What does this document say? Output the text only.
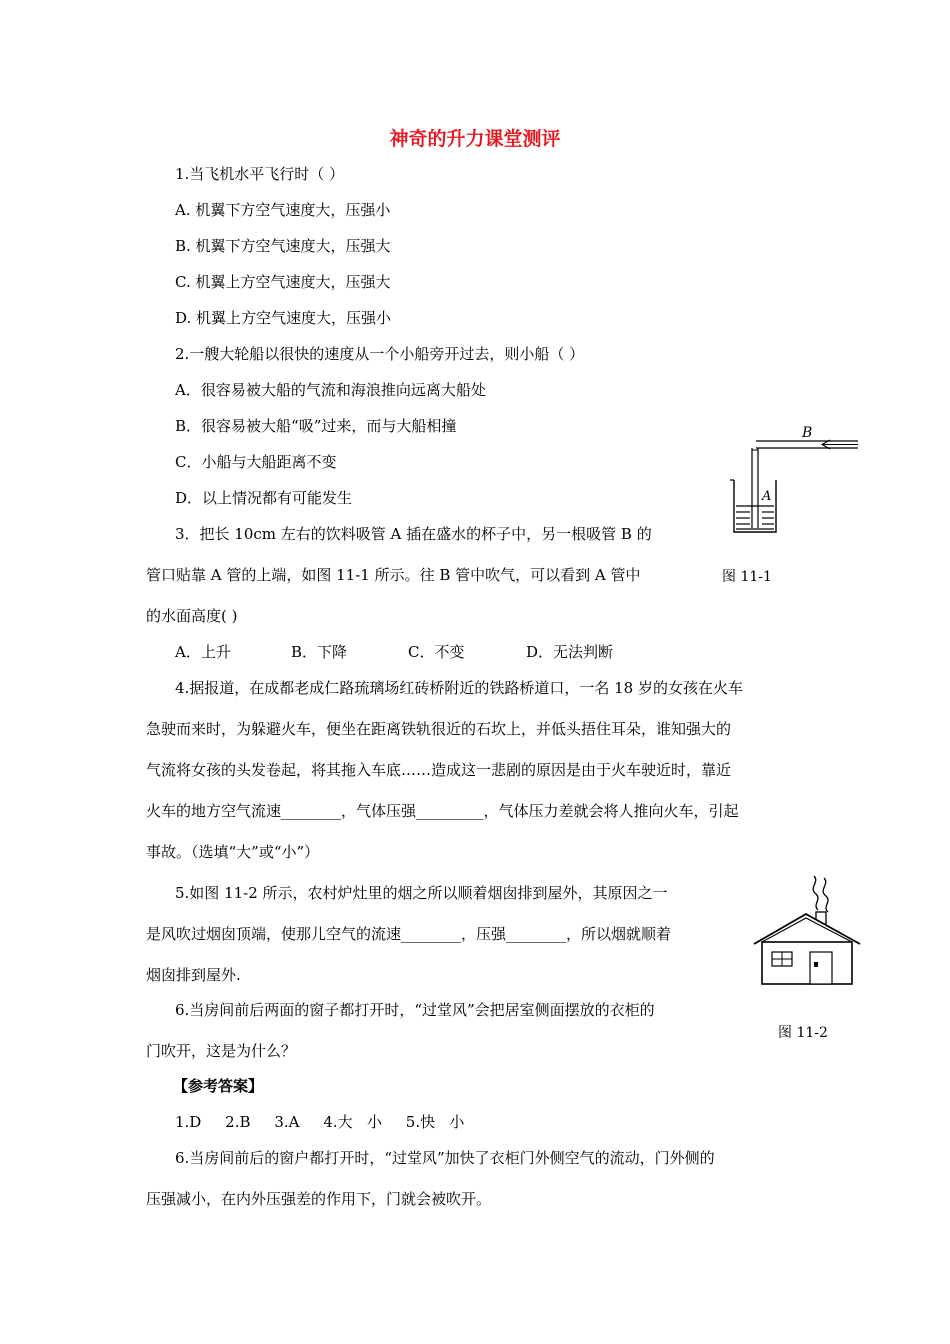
神奇的升力课堂测评
1.当飞机水平飞行时（ ）
A. 机翼下方空气速度大，压强小
B. 机翼下方空气速度大，压强大
C. 机翼上方空气速度大，压强大
D. 机翼上方空气速度大，压强小
2.一艘大轮船以很快的速度从一个小船旁开过去，则小船（ ）
A．很容易被大船的气流和海浪推向远离大船处
B．很容易被大船“吸”过来，而与大船相撞
C．小船与大船距离不变
D．以上情况都有可能发生
B
A
3．把长 10cm 左右的饮料吸管 A 插在盛水的杯子中，另一根吸管 B 的
管口贴靠 A 管的上端，如图 11-1 所示。往 B 管中吹气，可以看到 A 管中	图 11-1
的水面高度( )
A．上升	B．下降	C．不变	D．无法判断
4.据报道，在成都老成仁路琉璃场红砖桥附近的铁路桥道口，一名 18 岁的女孩在火车
急驶而来时，为躲避火车，便坐在距离铁轨很近的石坎上，并低头捂住耳朵，谁知强大的
气流将女孩的头发卷起，将其拖入车底……造成这一悲剧的原因是由于火车驶近时，靠近
火车的地方空气流速________，气体压强_________，气体压力差就会将人推向火车，引起
事故。（选填“大”或“小”）
5.如图 11-2 所示，农村炉灶里的烟之所以顺着烟囱排到屋外，其原因之一
是风吹过烟囱顶端，使那儿空气的流速________，压强________，所以烟就顺着
烟囱排到屋外.
6.当房间前后两面的窗子都打开时，“过堂风”会把居室侧面摆放的衣柜的
图 11-2
门吹开，这是为什么？
【参考答案】
1.D     2.B     3.A     4.大   小     5.快   小
6.当房间前后的窗户都打开时，“过堂风”加快了衣柜门外侧空气的流动，门外侧的
压强减小，在内外压强差的作用下，门就会被吹开。
